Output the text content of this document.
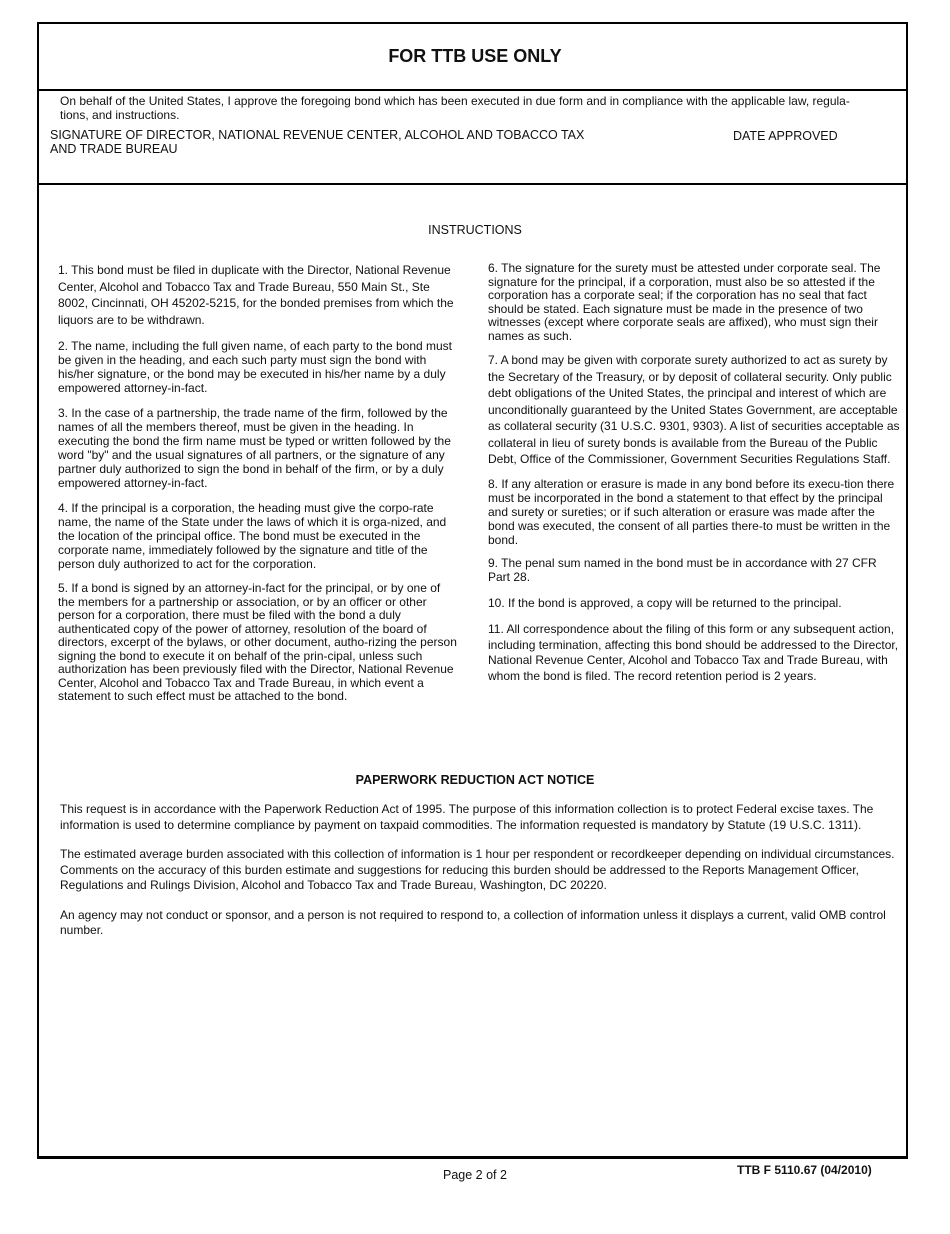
FOR TTB USE ONLY
On behalf of the United States, I approve the foregoing bond which has been executed in due form and in compliance with the applicable law, regula-tions, and instructions.
SIGNATURE OF DIRECTOR, NATIONAL REVENUE CENTER, ALCOHOL AND TOBACCO TAX AND TRADE BUREAU
DATE APPROVED
INSTRUCTIONS

1. This bond must be filed in duplicate with the Director, National Revenue Center, Alcohol and Tobacco Tax and Trade Bureau, 550 Main St., Ste 8002, Cincinnati, OH 45202-5215, for the bonded premises from which the liquors are to be withdrawn.

2. The name, including the full given name, of each party to the bond must be given in the heading, and each such party must sign the bond with his/her signature, or the bond may be executed in his/her name by a duly empowered attorney-in-fact.

3. In the case of a partnership, the trade name of the firm, followed by the names of all the members thereof, must be given in the heading. In executing the bond the firm name must be typed or written followed by the word "by" and the usual signatures of all partners, or the signature of any partner duly authorized to sign the bond in behalf of the firm, or by a duly empowered attorney-in-fact.

4. If the principal is a corporation, the heading must give the corpo-rate name, the name of the State under the laws of which it is orga-nized, and the location of the principal office. The bond must be executed in the corporate name, immediately followed by the signature and title of the person duly authorized to act for the corporation.

5. If a bond is signed by an attorney-in-fact for the principal, or by one of the members for a partnership or association, or by an officer or other person for a corporation, there must be filed with the bond a duly authenticated copy of the power of attorney, resolution of the board of directors, excerpt of the bylaws, or other document, autho-rizing the person signing the bond to execute it on behalf of the prin-cipal, unless such authorization has been previously filed with the Director, National Revenue Center, Alcohol and Tobacco Tax and Trade Bureau, in which event a statement to such effect must be attached to the bond.

6. The signature for the surety must be attested under corporate seal. The signature for the principal, if a corporation, must also be so attested if the corporation has a corporate seal; if the corporation has no seal that fact should be stated. Each signature must be made in the presence of two witnesses (except where corporate seals are affixed), who must sign their names as such.

7. A bond may be given with corporate surety authorized to act as surety by the Secretary of the Treasury, or by deposit of collateral security. Only public debt obligations of the United States, the principal and interest of which are unconditionally guaranteed by the United States Government, are acceptable as collateral security (31 U.S.C. 9301, 9303). A list of securities acceptable as collateral in lieu of surety bonds is available from the Bureau of the Public Debt, Office of the Commissioner, Government Securities Regulations Staff.

8. If any alteration or erasure is made in any bond before its execu-tion there must be incorporated in the bond a statement to that effect by the principal and surety or sureties; or if such alteration or erasure was made after the bond was executed, the consent of all parties there-to must be written in the bond.

9. The penal sum named in the bond must be in accordance with 27 CFR Part 28.

10. If the bond is approved, a copy will be returned to the principal.

11. All correspondence about the filing of this form or any subsequent action, including termination, affecting this bond should be addressed to the Director, National Revenue Center, Alcohol and Tobacco Tax and Trade Bureau, with whom the bond is filed. The record retention period is 2 years.

PAPERWORK REDUCTION ACT NOTICE

This request is in accordance with the Paperwork Reduction Act of 1995. The purpose of this information collection is to protect Federal excise taxes. The information is used to determine compliance by payment on taxpaid commodities. The information requested is mandatory by Statute (19 U.S.C. 1311).

The estimated average burden associated with this collection of information is 1 hour per respondent or recordkeeper depending on individual circumstances. Comments on the accuracy of this burden estimate and suggestions for reducing this burden should be addressed to the Reports Management Officer, Regulations and Rulings Division, Alcohol and Tobacco Tax and Trade Bureau, Washington, DC 20220.

An agency may not conduct or sponsor, and a person is not required to respond to, a collection of information unless it displays a current, valid OMB control number.

Page 2 of 2	TTB F 5110.67 (04/2010)
